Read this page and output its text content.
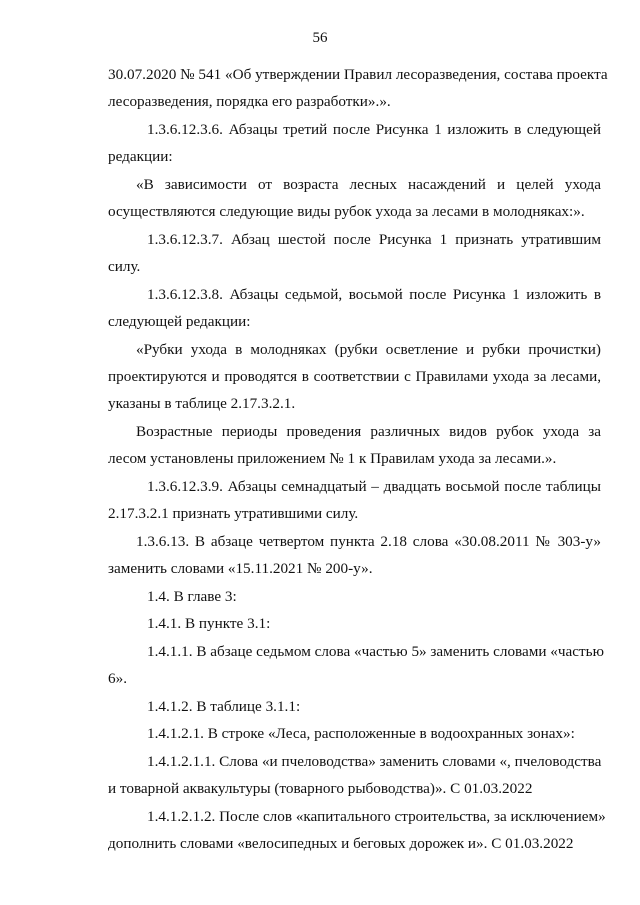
56
30.07.2020 № 541 «Об утверждении Правил лесоразведения, состава проекта
лесоразведения, порядка его разработки».».
1.3.6.12.3.6. Абзацы третий после Рисунка 1 изложить в следующей
редакции:
«В зависимости от возраста лесных насаждений и целей ухода
осуществляются следующие виды рубок ухода за лесами в молодняках:».
1.3.6.12.3.7. Абзац шестой после Рисунка 1 признать утратившим
силу.
1.3.6.12.3.8. Абзацы седьмой, восьмой после Рисунка 1 изложить в
следующей редакции:
«Рубки ухода в молодняках (рубки осветление и рубки прочистки)
проектируются и проводятся в соответствии с Правилами ухода за лесами,
указаны в таблице 2.17.3.2.1.
Возрастные периоды проведения различных видов рубок ухода за
лесом установлены приложением № 1 к Правилам ухода за лесами.».
1.3.6.12.3.9. Абзацы семнадцатый – двадцать восьмой после таблицы
2.17.3.2.1 признать утратившими силу.
1.3.6.13. В абзаце четвертом пункта 2.18 слова «30.08.2011 № 303-у»
заменить словами «15.11.2021 № 200-у».
1.4. В главе 3:
1.4.1. В пункте 3.1:
1.4.1.1. В абзаце седьмом слова «частью 5» заменить словами «частью
6».
1.4.1.2. В таблице 3.1.1:
1.4.1.2.1. В строке «Леса, расположенные в водоохранных зонах»:
1.4.1.2.1.1. Слова «и пчеловодства» заменить словами «, пчеловодства
и товарной аквакультуры (товарного рыбоводства)». С 01.03.2022
1.4.1.2.1.2. После слов «капитального строительства, за исключением»
дополнить словами «велосипедных и беговых дорожек и». С 01.03.2022
